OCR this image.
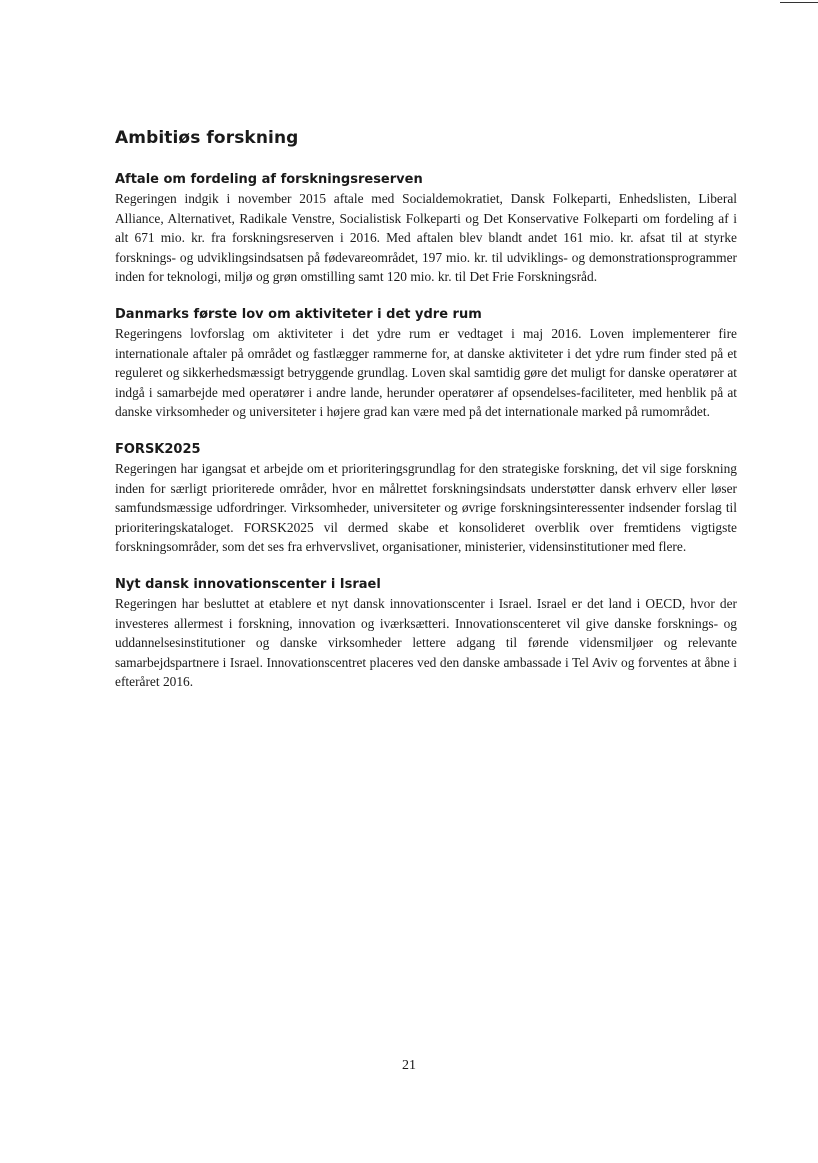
Ambitiøs forskning
Aftale om fordeling af forskningsreserven

Regeringen indgik i november 2015 aftale med Socialdemokratiet, Dansk Folkeparti, Enhedslisten, Liberal Alliance, Alternativet, Radikale Venstre, Socialistisk Folkeparti og Det Konservative Folkeparti om fordeling af i alt 671 mio. kr. fra forskningsreserven i 2016. Med aftalen blev blandt andet 161 mio. kr. afsat til at styrke forsknings- og udviklingsindsatsen på fødevareområdet, 197 mio. kr. til udviklings- og demonstrationsprogrammer inden for teknologi, miljø og grøn omstilling samt 120 mio. kr. til Det Frie Forskningsråd.

Danmarks første lov om aktiviteter i det ydre rum

Regeringens lovforslag om aktiviteter i det ydre rum er vedtaget i maj 2016. Loven implementerer fire internationale aftaler på området og fastlægger rammerne for, at danske aktiviteter i det ydre rum finder sted på et reguleret og sikkerhedsmæssigt betryggende grundlag. Loven skal samtidig gøre det muligt for danske operatører at indgå i samarbejde med operatører i andre lande, herunder operatører af opsendelses-faciliteter, med henblik på at danske virksomheder og universiteter i højere grad kan være med på det internationale marked på rumområdet.

FORSK2025

Regeringen har igangsat et arbejde om et prioriteringsgrundlag for den strategiske forskning, det vil sige forskning inden for særligt prioriterede områder, hvor en målrettet forskningsindsats understøtter dansk erhverv eller løser samfundsmæssige udfordringer. Virksomheder, universiteter og øvrige forskningsinteressenter indsender forslag til prioriteringskataloget. FORSK2025 vil dermed skabe et konsolideret overblik over fremtidens vigtigste forskningsområder, som det ses fra erhvervslivet, organisationer, ministerier, vidensinstitutioner med flere.

Nyt dansk innovationscenter i Israel

Regeringen har besluttet at etablere et nyt dansk innovationscenter i Israel. Israel er det land i OECD, hvor der investeres allermest i forskning, innovation og iværksætteri. Innovationscenteret vil give danske forsknings- og uddannelsesinstitutioner og danske virksomheder lettere adgang til førende vidensmiljøer og relevante samarbejdspartnere i Israel. Innovationscentret placeres ved den danske ambassade i Tel Aviv og forventes at åbne i efteråret 2016.

21
